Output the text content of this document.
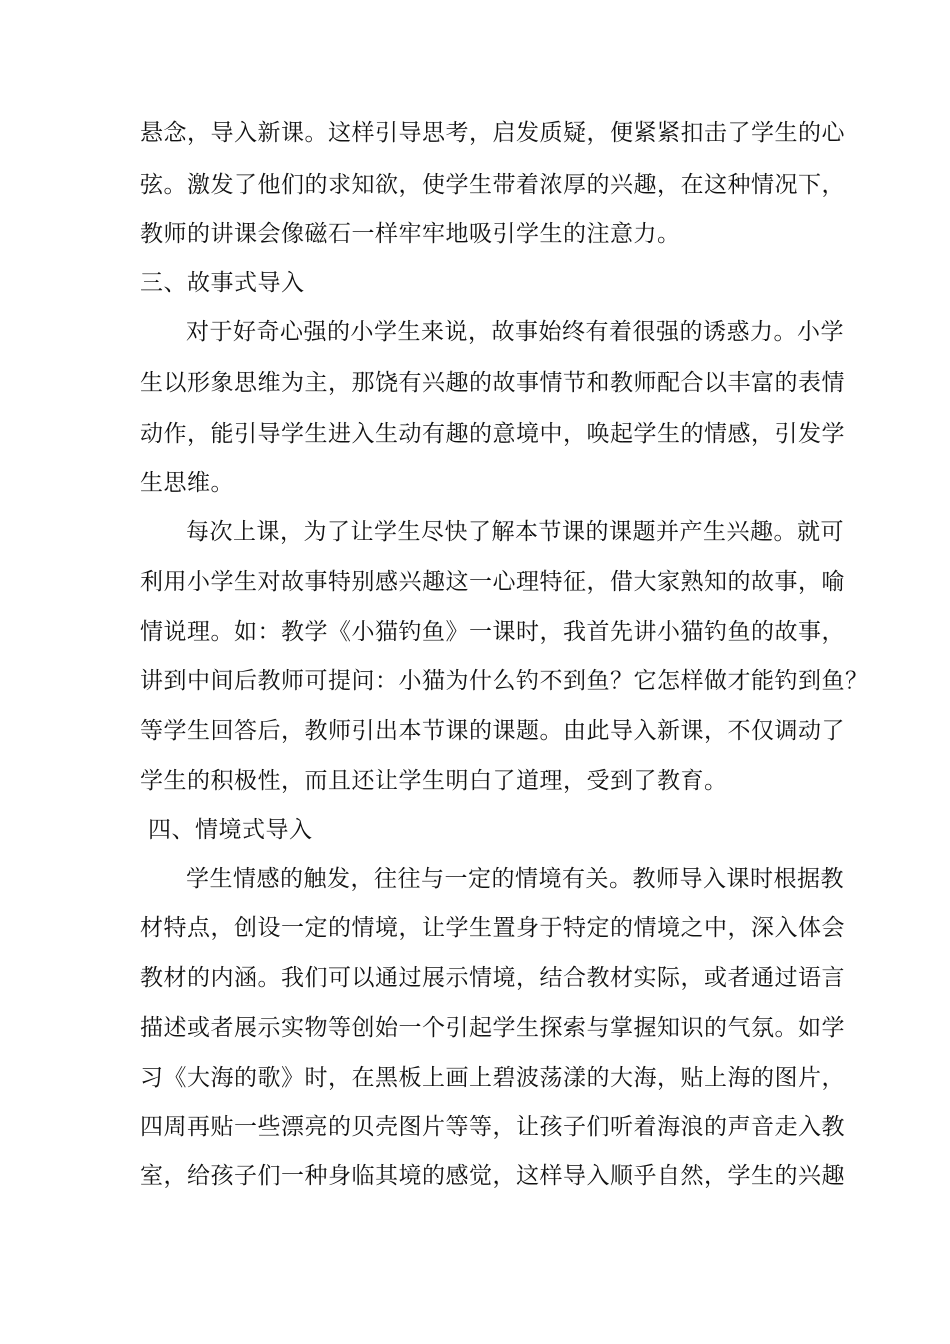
悬念，导入新课。这样引导思考，启发质疑，便紧紧扣击了学生的心

弦。激发了他们的求知欲，使学生带着浓厚的兴趣，在这种情况下，

教师的讲课会像磁石一样牢牢地吸引学生的注意力。

三、故事式导入

对于好奇心强的小学生来说，故事始终有着很强的诱惑力。小学

生以形象思维为主，那饶有兴趣的故事情节和教师配合以丰富的表情

动作，能引导学生进入生动有趣的意境中，唤起学生的情感，引发学

生思维。

每次上课，为了让学生尽快了解本节课的课题并产生兴趣。就可

利用小学生对故事特别感兴趣这一心理特征，借大家熟知的故事，喻

情说理。如：教学《小猫钓鱼》一课时，我首先讲小猫钓鱼的故事，

讲到中间后教师可提问：小猫为什么钓不到鱼？它怎样做才能钓到鱼？

等学生回答后，教师引出本节课的课题。由此导入新课，不仅调动了

学生的积极性，而且还让学生明白了道理，受到了教育。

四、情境式导入

学生情感的触发，往往与一定的情境有关。教师导入课时根据教

材特点，创设一定的情境，让学生置身于特定的情境之中，深入体会

教材的内涵。我们可以通过展示情境，结合教材实际，或者通过语言

描述或者展示实物等创始一个引起学生探索与掌握知识的气氛。如学

习《大海的歌》时，在黑板上画上碧波荡漾的大海，贴上海的图片，

四周再贴一些漂亮的贝壳图片等等，让孩子们听着海浪的声音走入教

室，给孩子们一种身临其境的感觉，这样导入顺乎自然，学生的兴趣
